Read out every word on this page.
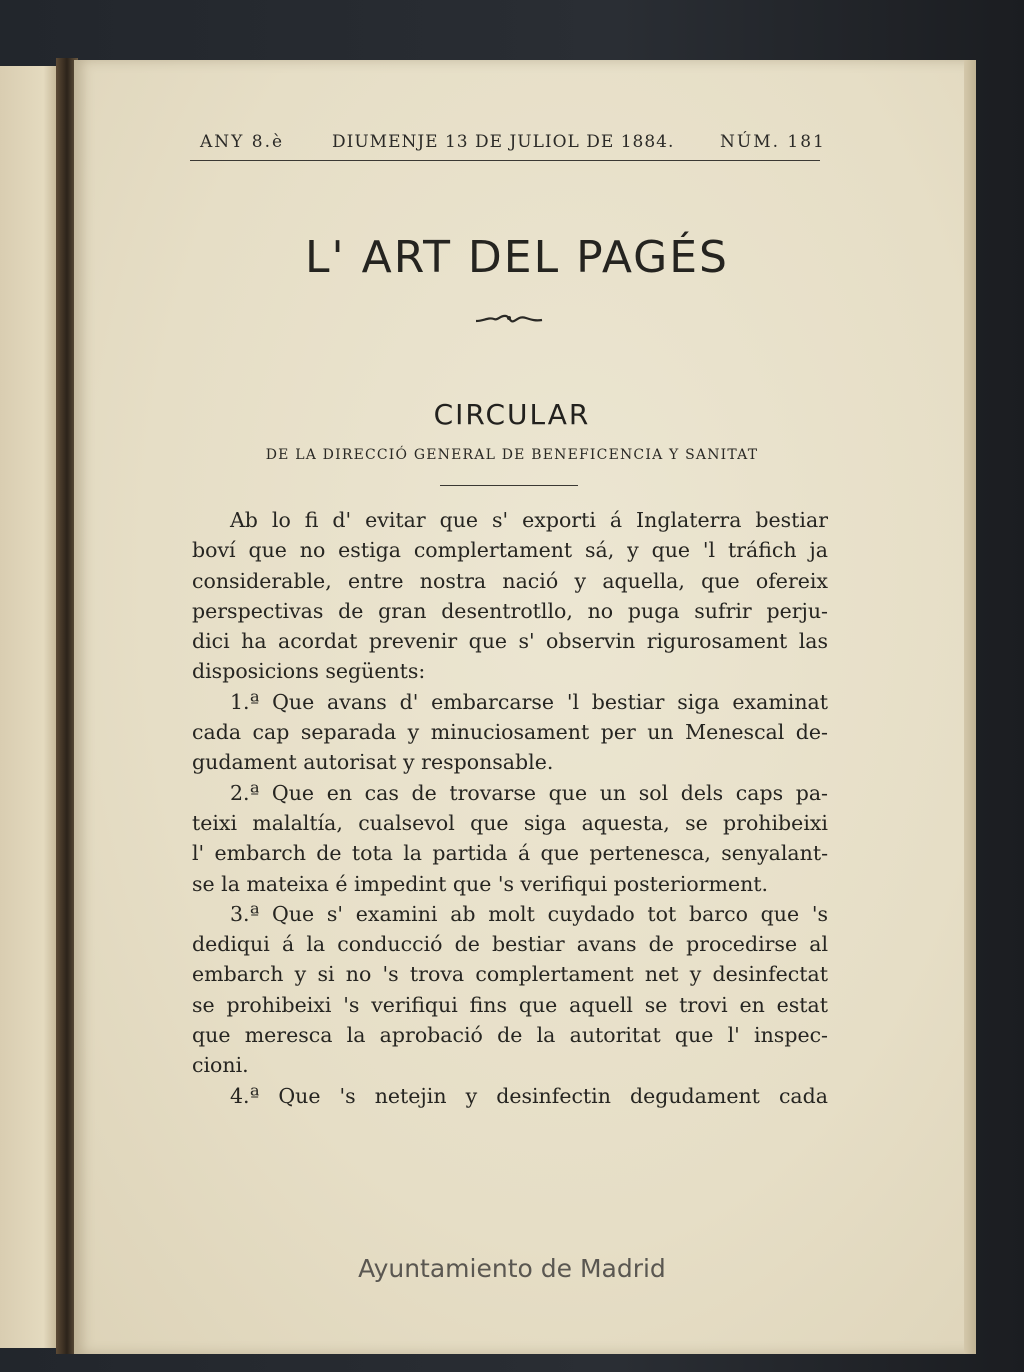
ANY 8.è	DIUMENJE 13 DE JULIOL DE 1884.	NÚM. 181
L' ART DEL PAGÉS
CIRCULAR
DE LA DIRECCIÓ GENERAL DE BENEFICENCIA Y SANITAT
Ab lo fi d' evitar que s' exporti á Inglaterra bestiar
boví que no estiga complertament sá, y que 'l tráfich ja
considerable, entre nostra nació y aquella, que ofereix
perspectivas de gran desentrotllo, no puga sufrir perju-
dici ha acordat prevenir que s' observin rigurosament las
disposicions següents:
1.ª Que avans d' embarcarse 'l bestiar siga examinat
cada cap separada y minuciosament per un Menescal de-
gudament autorisat y responsable.
2.ª Que en cas de trovarse que un sol dels caps pa-
teixi malaltía, cualsevol que siga aquesta, se prohibeixi
l' embarch de tota la partida á que pertenesca, senyalant-
se la mateixa é impedint que 's verifiqui posteriorment.
3.ª Que s' examini ab molt cuydado tot barco que 's
dediqui á la conducció de bestiar avans de procedirse al
embarch y si no 's trova complertament net y desinfectat
se prohibeixi 's verifiqui fins que aquell se trovi en estat
que meresca la aprobació de la autoritat que l' inspec-
cioni.
4.ª Que 's netejin y desinfectin degudament cada
Ayuntamiento de Madrid
